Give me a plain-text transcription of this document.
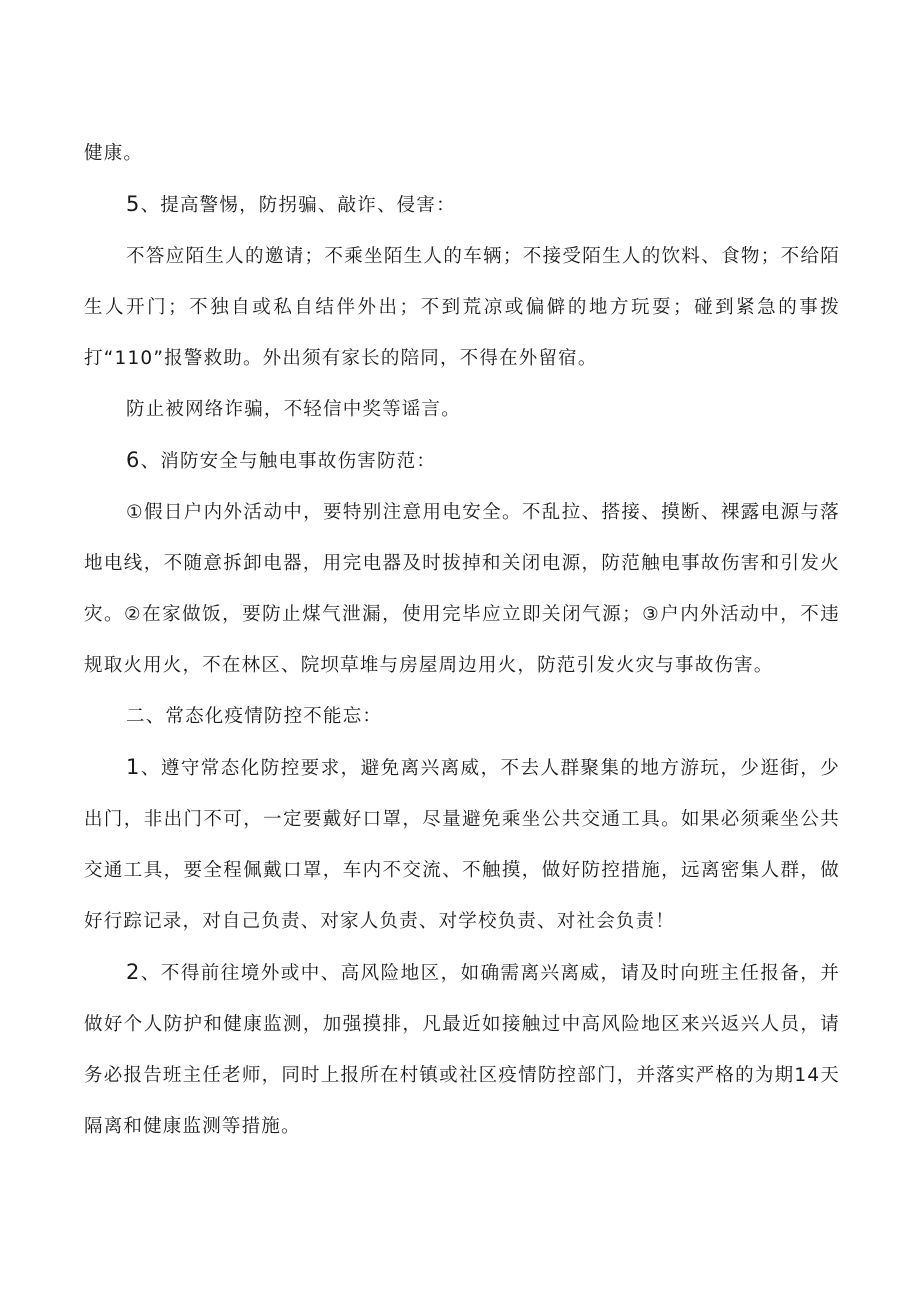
健康。

5、提高警惕，防拐骗、敲诈、侵害：

不答应陌生人的邀请；不乘坐陌生人的车辆；不接受陌生人的饮料、食物；不给陌生人开门；不独自或私自结伴外出；不到荒凉或偏僻的地方玩耍；碰到紧急的事拨打“110”报警救助。外出须有家长的陪同，不得在外留宿。

防止被网络诈骗，不轻信中奖等谣言。

6、消防安全与触电事故伤害防范：

①假日户内外活动中，要特别注意用电安全。不乱拉、搭接、摸断、裸露电源与落地电线，不随意拆卸电器，用完电器及时拔掉和关闭电源，防范触电事故伤害和引发火灾。②在家做饭，要防止煤气泄漏，使用完毕应立即关闭气源；③户内外活动中，不违规取火用火，不在林区、院坝草堆与房屋周边用火，防范引发火灾与事故伤害。

二、常态化疫情防控不能忘：

1、遵守常态化防控要求，避免离兴离威，不去人群聚集的地方游玩，少逛街，少出门，非出门不可，一定要戴好口罩，尽量避免乘坐公共交通工具。如果必须乘坐公共交通工具，要全程佩戴口罩，车内不交流、不触摸，做好防控措施，远离密集人群，做好行踪记录，对自己负责、对家人负责、对学校负责、对社会负责！

2、不得前往境外或中、高风险地区，如确需离兴离威，请及时向班主任报备，并做好个人防护和健康监测，加强摸排，凡最近如接触过中高风险地区来兴返兴人员，请务必报告班主任老师，同时上报所在村镇或社区疫情防控部门，并落实严格的为期14天隔离和健康监测等措施。
